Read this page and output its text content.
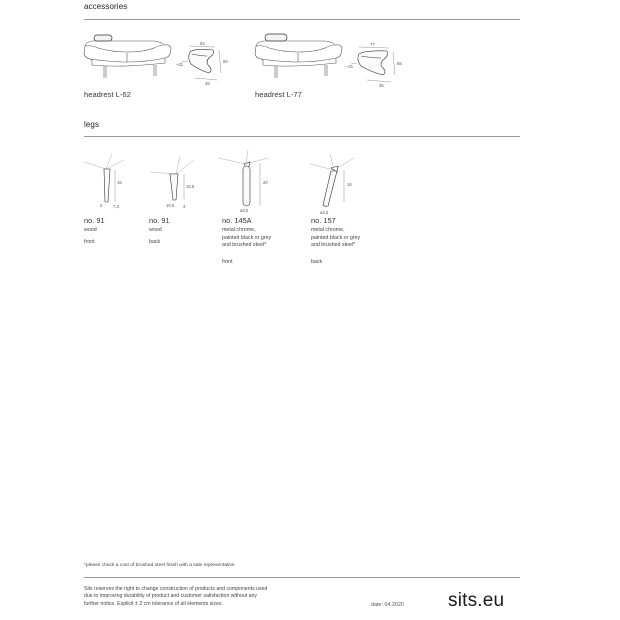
accessories
62
60
~21
36
headrest L-62
77
65
~21
36
headrest L-77
legs
16
2	7,3
no. 91
wood
front
15,5
10,5 4
no. 91
wood
back
20
ø2,5
no. 145A
metal chrome,
painted black or grey
and brushed steel*
front
16
ø2,5
no. 157
metal chrome,
painted black or grey
and brushed steel*
back
*please check a cost of brushed steel finish with a sale representative
Sits reserves the right to change construction of products and components used
due to improving durability of product and customer satisfaction without any
further notice. Explicit ± 2 cm tolerance of all elements sizes.	date: 04.2020 sits.eu
